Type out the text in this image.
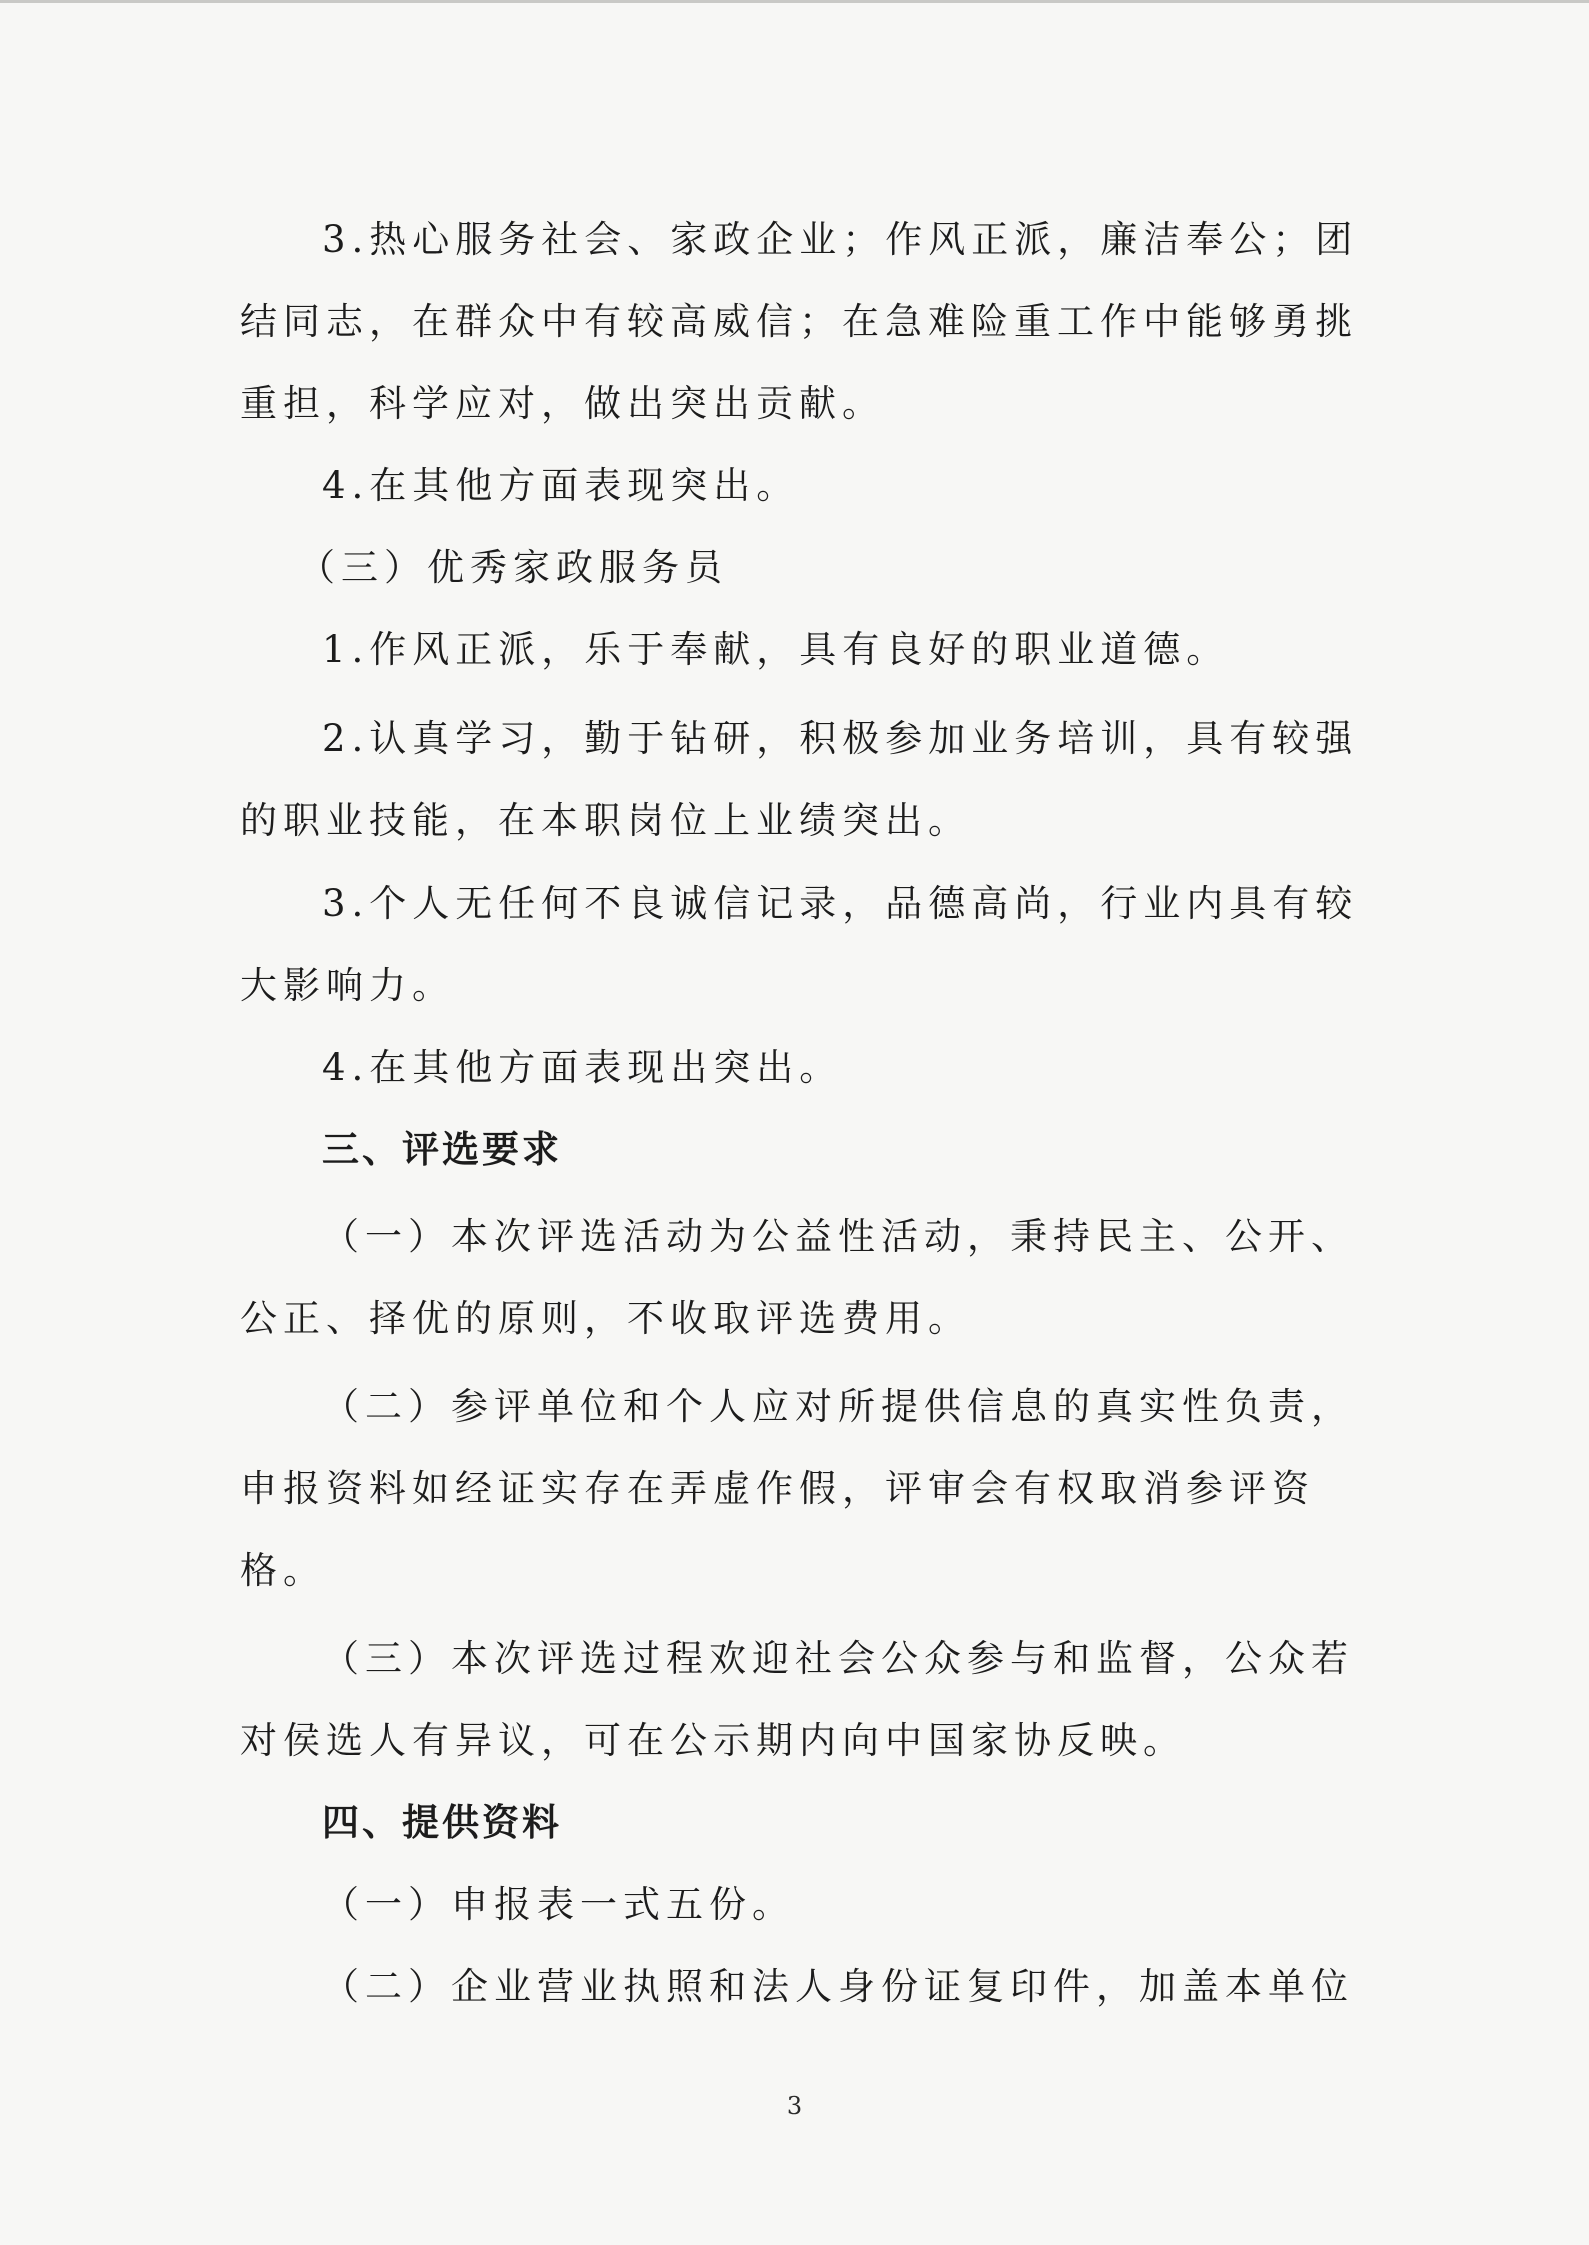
3.热心服务社会、家政企业；作风正派，廉洁奉公；团
结同志，在群众中有较高威信；在急难险重工作中能够勇挑
重担，科学应对，做出突出贡献。
4.在其他方面表现突出。
（三）优秀家政服务员
1.作风正派，乐于奉献，具有良好的职业道德。
2.认真学习，勤于钻研，积极参加业务培训，具有较强
的职业技能，在本职岗位上业绩突出。
3.个人无任何不良诚信记录，品德高尚，行业内具有较
大影响力。
4.在其他方面表现出突出。
三、评选要求
（一）本次评选活动为公益性活动，秉持民主、公开、
公正、择优的原则，不收取评选费用。
（二）参评单位和个人应对所提供信息的真实性负责，
申报资料如经证实存在弄虚作假，评审会有权取消参评资
格。
（三）本次评选过程欢迎社会公众参与和监督，公众若
对侯选人有异议，可在公示期内向中国家协反映。
四、提供资料
（一）申报表一式五份。
（二）企业营业执照和法人身份证复印件，加盖本单位
3
